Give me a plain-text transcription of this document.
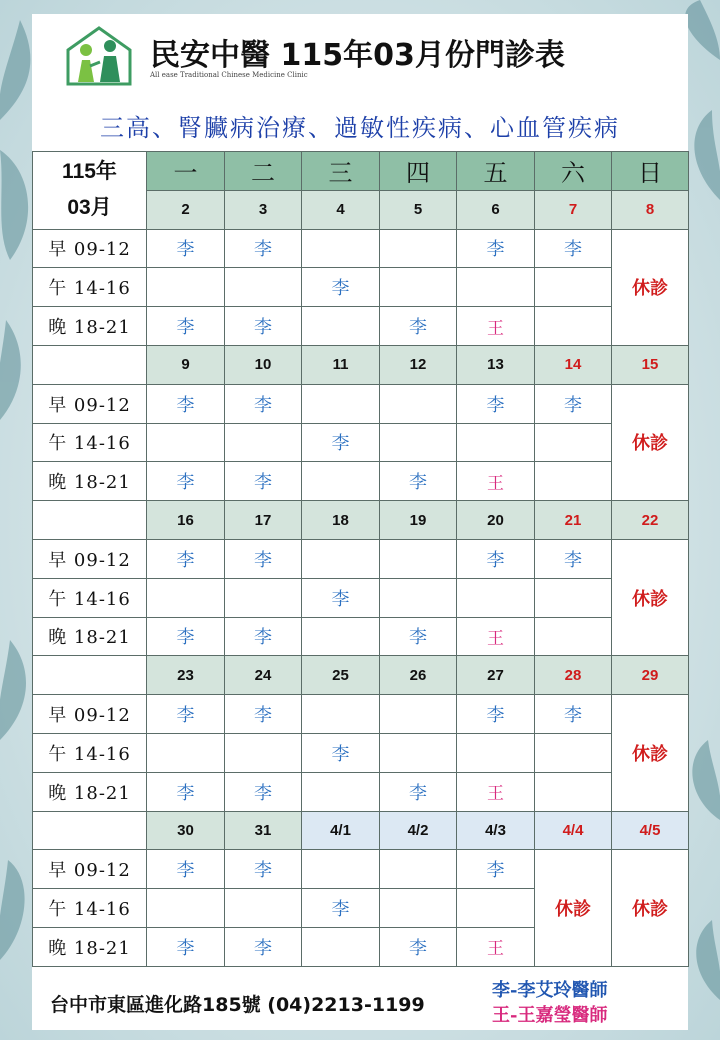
民安中醫 115年03月份門診表
All ease Traditional Chinese Medicine Clinic
三高、腎臟病治療、過敏性疾病、心血管疾病
115年
03月	一	二	三	四	五	六	日
	2	3	4	5	6	7	8
早 09-12	李	李			李	李	休診
午 14-16			李				
晚 18-21	李	李		李	王		
	9	10	11	12	13	14	15
早 09-12	李	李			李	李	休診
午 14-16			李				
晚 18-21	李	李		李	王		
	16	17	18	19	20	21	22
早 09-12	李	李			李	李	休診
午 14-16			李				
晚 18-21	李	李		李	王		
	23	24	25	26	27	28	29
早 09-12	李	李			李	李	休診
午 14-16			李				
晚 18-21	李	李		李	王		
	30	31	4/1	4/2	4/3	4/4	4/5
早 09-12	李	李			李	休診	休診
午 14-16			李				
晚 18-21	李	李		李	王		
台中市東區進化路185號 (04)2213-1199
李-李艾玲醫師
王-王嘉瑩醫師
